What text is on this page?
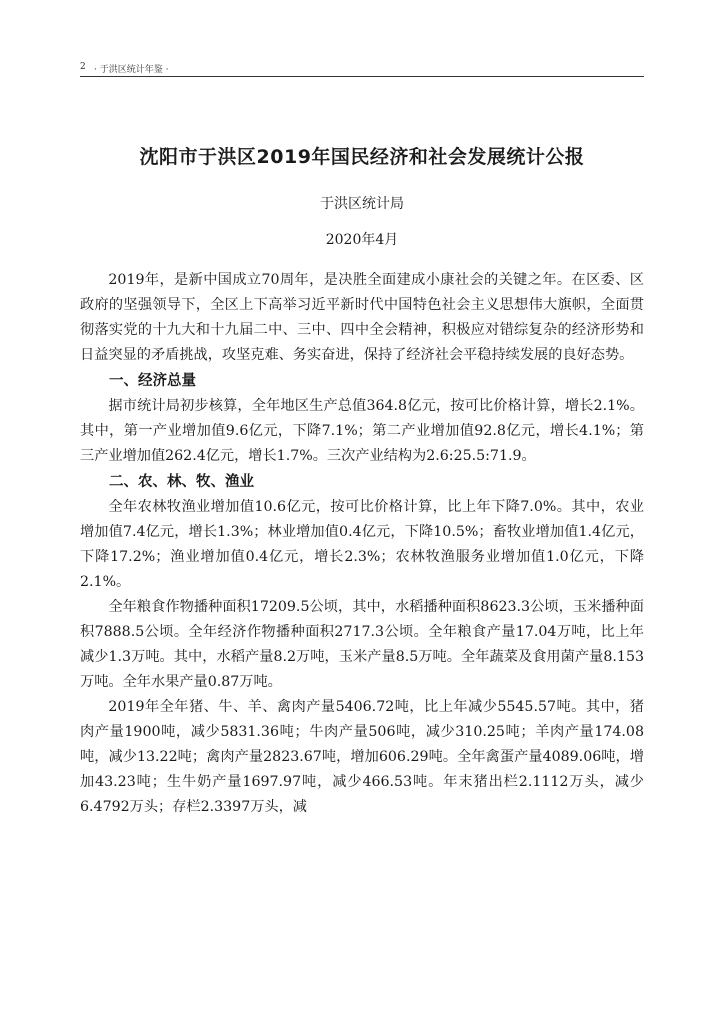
2 · 于洪区统计年鉴 ·
沈阳市于洪区2019年国民经济和社会发展统计公报
于洪区统计局
2020年4月

2019年，是新中国成立70周年，是决胜全面建成小康社会的关键之年。在区委、区政府的坚强领导下，全区上下高举习近平新时代中国特色社会主义思想伟大旗帜，全面贯彻落实党的十九大和十九届二中、三中、四中全会精神，积极应对错综复杂的经济形势和日益突显的矛盾挑战，攻坚克难、务实奋进，保持了经济社会平稳持续发展的良好态势。

一、经济总量

据市统计局初步核算，全年地区生产总值364.8亿元，按可比价格计算，增长2.1%。其中，第一产业增加值9.6亿元，下降7.1%；第二产业增加值92.8亿元，增长4.1%；第三产业增加值262.4亿元，增长1.7%。三次产业结构为2.6:25.5:71.9。

二、农、林、牧、渔业

全年农林牧渔业增加值10.6亿元，按可比价格计算，比上年下降7.0%。其中，农业增加值7.4亿元，增长1.3%；林业增加值0.4亿元，下降10.5%；畜牧业增加值1.4亿元，下降17.2%；渔业增加值0.4亿元，增长2.3%；农林牧渔服务业增加值1.0亿元，下降2.1%。

全年粮食作物播种面积17209.5公顷，其中，水稻播种面积8623.3公顷，玉米播种面积7888.5公顷。全年经济作物播种面积2717.3公顷。全年粮食产量17.04万吨，比上年减少1.3万吨。其中，水稻产量8.2万吨，玉米产量8.5万吨。全年蔬菜及食用菌产量8.153万吨。全年水果产量0.87万吨。

2019年全年猪、牛、羊、禽肉产量5406.72吨，比上年减少5545.57吨。其中，猪肉产量1900吨，减少5831.36吨；牛肉产量506吨，减少310.25吨；羊肉产量174.08吨，减少13.22吨；禽肉产量2823.67吨，增加606.29吨。全年禽蛋产量4089.06吨，增加43.23吨；生牛奶产量1697.97吨，减少466.53吨。年末猪出栏2.1112万头，减少6.4792万头；存栏2.3397万头，减
